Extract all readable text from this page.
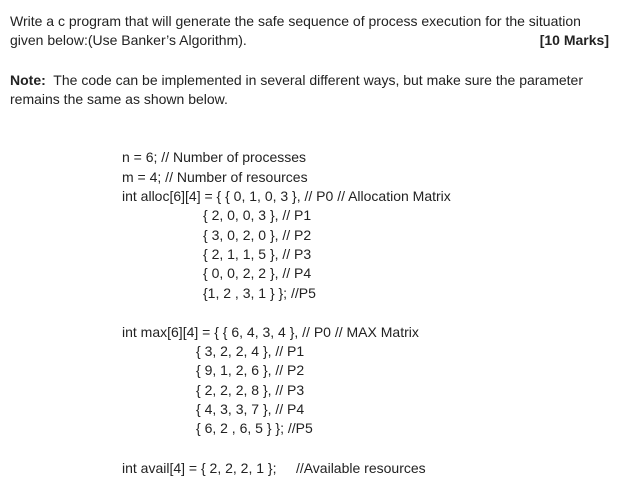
Write a c program that will generate the safe sequence of process execution for the situation
given below:(Use Banker’s Algorithm).	[10 Marks]
Note:  The code can be implemented in several different ways, but make sure the parameter
remains the same as shown below.
n = 6; // Number of processes
m = 4; // Number of resources
int alloc[6][4] = { { 0, 1, 0, 3 }, // P0 // Allocation Matrix
{ 2, 0, 0, 3 }, // P1
{ 3, 0, 2, 0 }, // P2
{ 2, 1, 1, 5 }, // P3
{ 0, 0, 2, 2 }, // P4
{1, 2 , 3, 1 } }; //P5
int max[6][4] = { { 6, 4, 3, 4 }, // P0 // MAX Matrix
{ 3, 2, 2, 4 }, // P1
{ 9, 1, 2, 6 }, // P2
{ 2, 2, 2, 8 }, // P3
{ 4, 3, 3, 7 }, // P4
{ 6, 2 , 6, 5 } }; //P5
int avail[4] = { 2, 2, 2, 1 };     //Available resources
